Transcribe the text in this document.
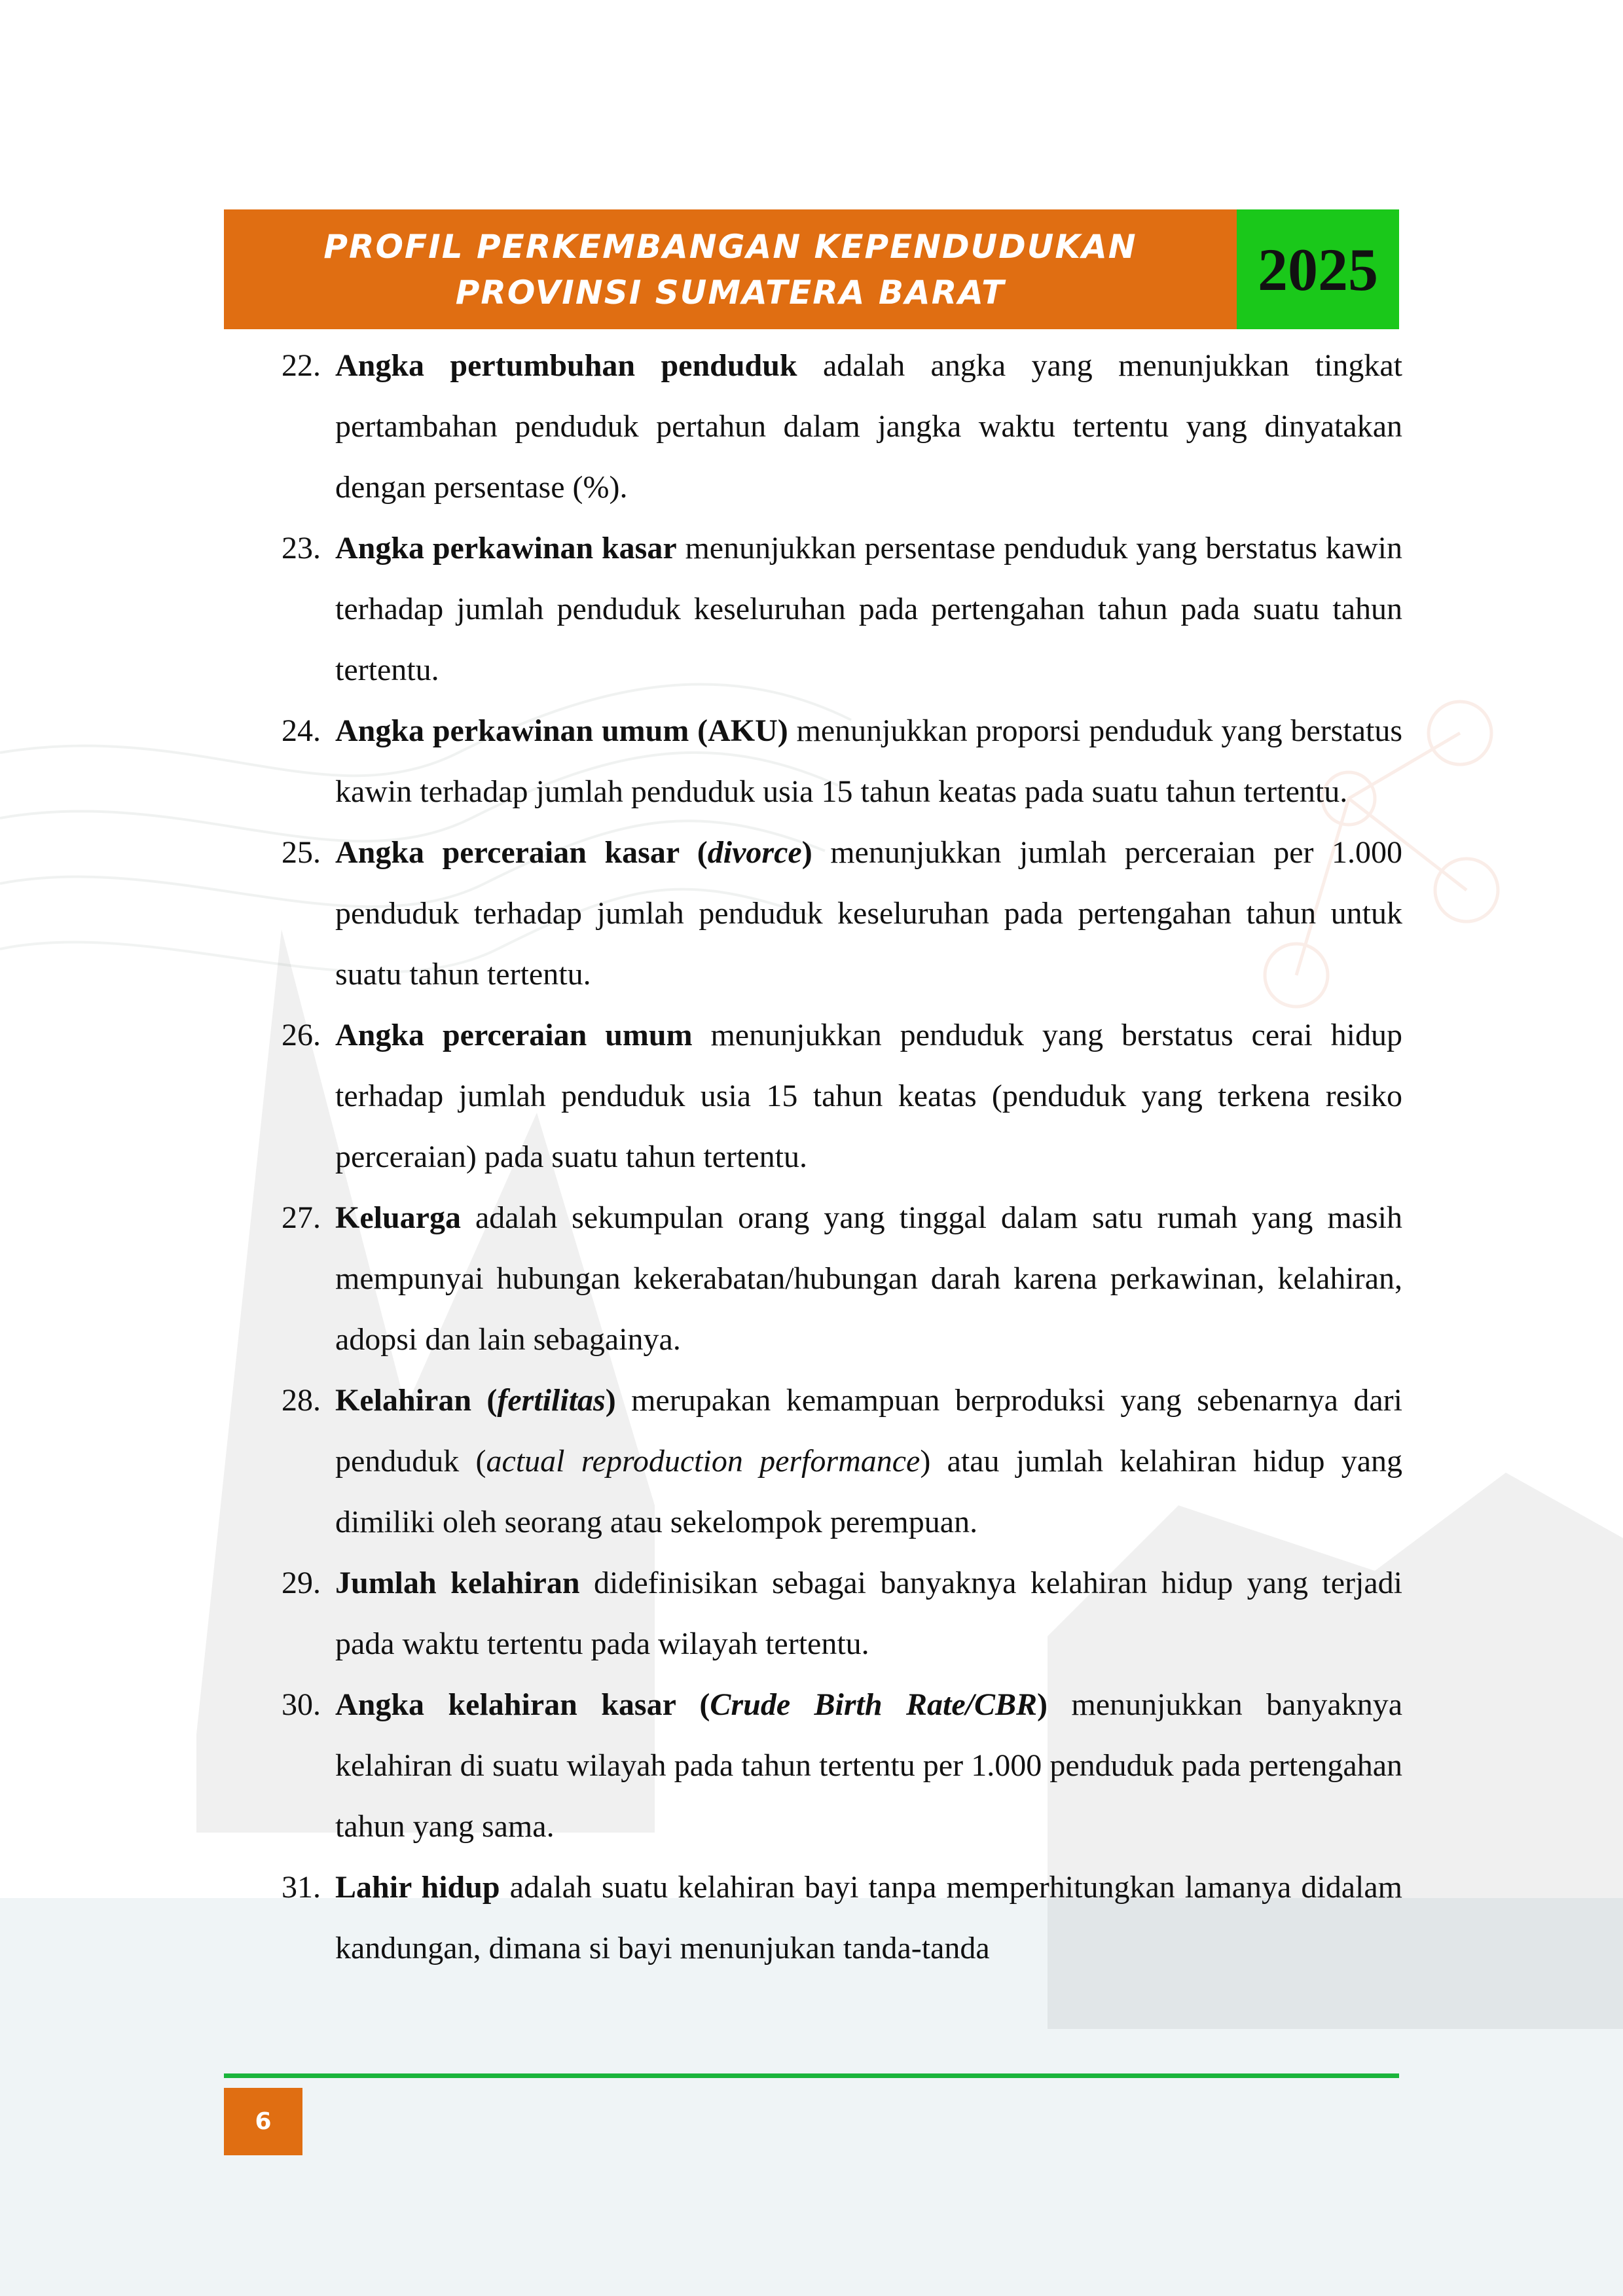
PROFIL PERKEMBANGAN KEPENDUDUKAN
PROVINSI SUMATERA BARAT	2025
22. Angka pertumbuhan penduduk adalah angka yang menunjukkan tingkat pertambahan penduduk pertahun dalam jangka waktu tertentu yang dinyatakan dengan persentase (%).
23. Angka perkawinan kasar menunjukkan persentase penduduk yang berstatus kawin terhadap jumlah penduduk keseluruhan pada pertengahan tahun pada suatu tahun tertentu.
24. Angka perkawinan umum (AKU) menunjukkan proporsi penduduk yang berstatus kawin terhadap jumlah penduduk usia 15 tahun keatas pada suatu tahun tertentu.
25. Angka perceraian kasar (divorce) menunjukkan jumlah perceraian per 1.000 penduduk terhadap jumlah penduduk keseluruhan pada pertengahan tahun untuk suatu tahun tertentu.
26. Angka perceraian umum menunjukkan penduduk yang berstatus cerai hidup terhadap jumlah penduduk usia 15 tahun keatas (penduduk yang terkena resiko perceraian) pada suatu tahun tertentu.
27. Keluarga adalah sekumpulan orang yang tinggal dalam satu rumah yang masih mempunyai hubungan kekerabatan/hubungan darah karena perkawinan, kelahiran, adopsi dan lain sebagainya.
28. Kelahiran (fertilitas) merupakan kemampuan berproduksi yang sebenarnya dari penduduk (actual reproduction performance) atau jumlah kelahiran hidup yang dimiliki oleh seorang atau sekelompok perempuan.
29. Jumlah kelahiran didefinisikan sebagai banyaknya kelahiran hidup yang terjadi pada waktu tertentu pada wilayah tertentu.
30. Angka kelahiran kasar (Crude Birth Rate/CBR) menunjukkan banyaknya kelahiran di suatu wilayah pada tahun tertentu per 1.000 penduduk pada pertengahan tahun yang sama.
31. Lahir hidup adalah suatu kelahiran bayi tanpa memperhitungkan lamanya didalam kandungan, dimana si bayi menunjukan tanda-tanda
6
